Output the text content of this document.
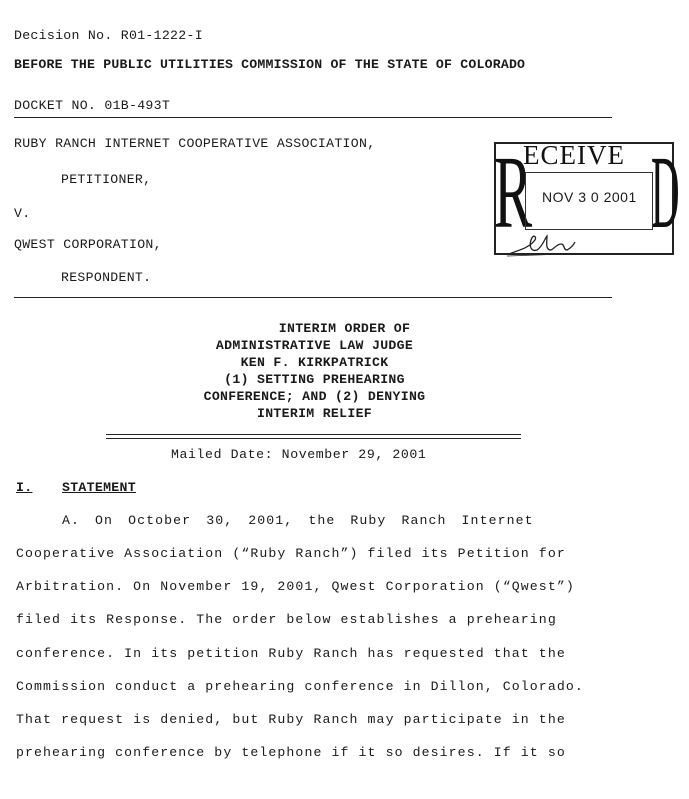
Decision No. R01-1222-I
BEFORE THE PUBLIC UTILITIES COMMISSION OF THE STATE OF COLORADO
DOCKET NO. 01B-493T
RUBY RANCH INTERNET COOPERATIVE ASSOCIATION,
PETITIONER,
V.
QWEST CORPORATION,
RESPONDENT.
R
ECEIVE D
NOV 3 0 2001
INTERIM ORDER OF
ADMINISTRATIVE LAW JUDGE
KEN F. KIRKPATRICK
(1) SETTING PREHEARING
CONFERENCE; AND (2) DENYING
INTERIM RELIEF
Mailed Date: November 29, 2001
I. STATEMENT
A. On October 30, 2001, the Ruby Ranch Internet
Cooperative Association (“Ruby Ranch”) filed its Petition for
Arbitration. On November 19, 2001, Qwest Corporation (“Qwest”)
filed its Response. The order below establishes a prehearing
conference. In its petition Ruby Ranch has requested that the
Commission conduct a prehearing conference in Dillon, Colorado.
That request is denied, but Ruby Ranch may participate in the
prehearing conference by telephone if it so desires. If it so
